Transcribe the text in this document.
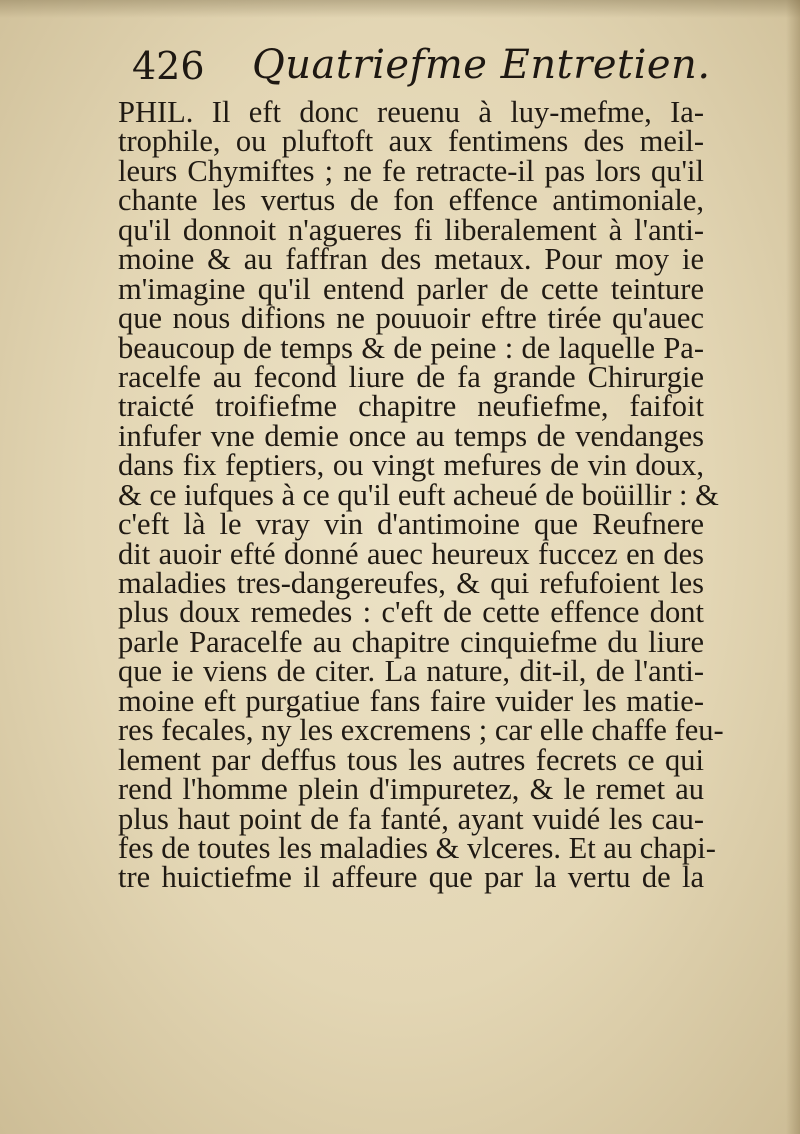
426 Quatriefme Entretien.
PHIL. Il eft donc reuenu à luy-mefme, Ia-
trophile, ou pluftoft aux fentimens des meil-
leurs Chymiftes ; ne fe retracte-il pas lors qu'il
chante les vertus de fon effence antimoniale,
qu'il donnoit n'agueres fi liberalement à l'anti-
moine & au faffran des metaux. Pour moy ie
m'imagine qu'il entend parler de cette teinture
que nous difions ne pouuoir eftre tirée qu'auec
beaucoup de temps & de peine : de laquelle Pa-
racelfe au fecond liure de fa grande Chirurgie
traicté troifiefme chapitre neufiefme, faifoit
infufer vne demie once au temps de vendanges
dans fix feptiers, ou vingt mefures de vin doux,
& ce iufques à ce qu'il euft acheué de boüillir : &
c'eft là le vray vin d'antimoine que Reufnere
dit auoir efté donné auec heureux fuccez en des
maladies tres-dangereufes, & qui refufoient les
plus doux remedes : c'eft de cette effence dont
parle Paracelfe au chapitre cinquiefme du liure
que ie viens de citer. La nature, dit-il, de l'anti-
moine eft purgatiue fans faire vuider les matie-
res fecales, ny les excremens ; car elle chaffe feu-
lement par deffus tous les autres fecrets ce qui
rend l'homme plein d'impuretez, & le remet au
plus haut point de fa fanté, ayant vuidé les cau-
fes de toutes les maladies & vlceres. Et au chapi-
tre huictiefme il affeure que par la vertu de la
